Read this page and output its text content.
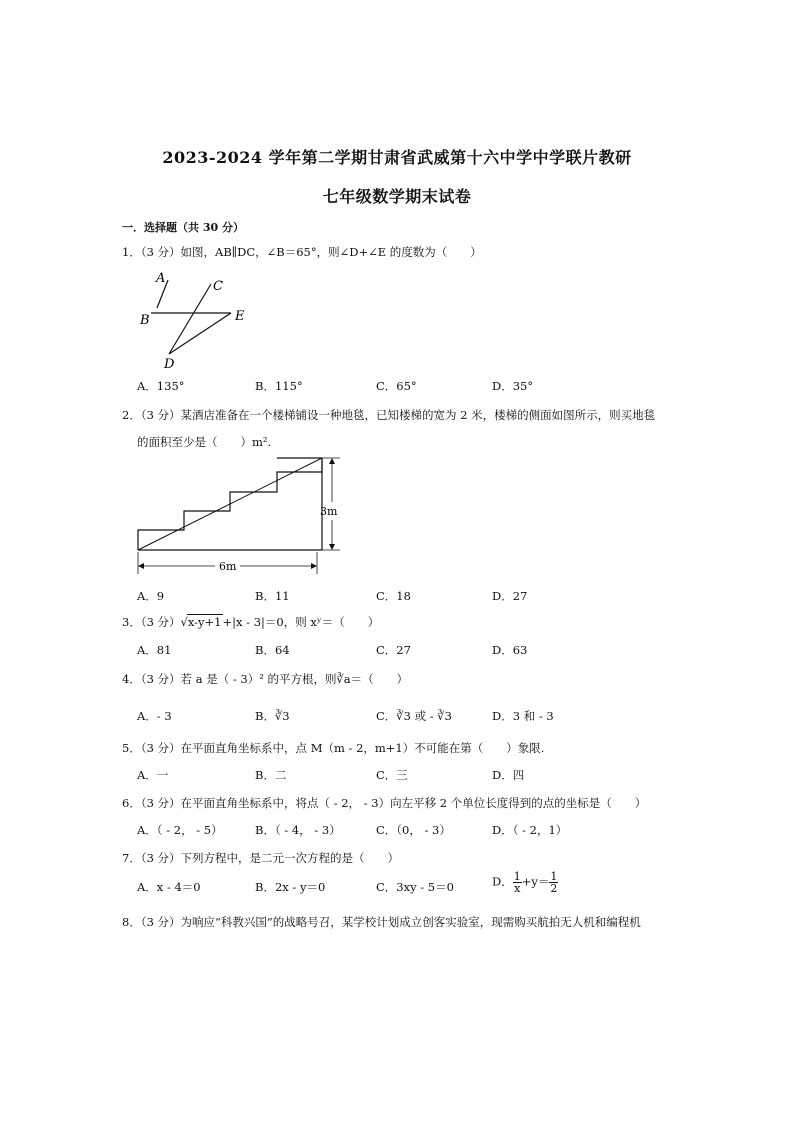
2023-2024 学年第二学期甘肃省武威第十六中学中学联片教研
七年级数学期末试卷
一．选择题（共 30 分）
1．（3 分）如图，AB∥DC，∠B＝65°，则∠D+∠E 的度数为（　　）
A
C
B	E
D
A．135°	B．115°	C．65°	D．35°
2．（3 分）某酒店准备在一个楼梯铺设一种地毯，已知楼梯的宽为 2 米，楼梯的侧面如图所示，则买地毯
的面积至少是（　　）m².
3m
6m
A．9	B．11	C．18	D．27
3．（3 分）√x-y+1+|x - 3|＝0，则 xʸ＝（　　）
A．81	B．64	C．27	D．63
4．（3 分）若 a 是（ - 3）² 的平方根，则∛a＝（　　）
A．- 3	B．∛3	C．∛3 或 - ∛3	D．3 和 - 3
5．（3 分）在平面直角坐标系中，点 M（m - 2，m+1）不可能在第（　　）象限.
A．一	B．二	C．三	D．四
6．（3 分）在平面直角坐标系中，将点（ - 2， - 3）向左平移 2 个单位长度得到的点的坐标是（　　）
A．（ - 2， - 5）	B．（ - 4， - 3）	C．（0， - 3）	D．（ - 2，1）
7．（3 分）下列方程中，是二元一次方程的是（　　）
A．x - 4＝0	B．2x - y＝0	C．3xy - 5＝0	D． $\frac{1}{x} +y= \frac{1}{2}$
8．（3 分）为响应“科教兴国”的战略号召，某学校计划成立创客实验室，现需购买航拍无人机和编程机
